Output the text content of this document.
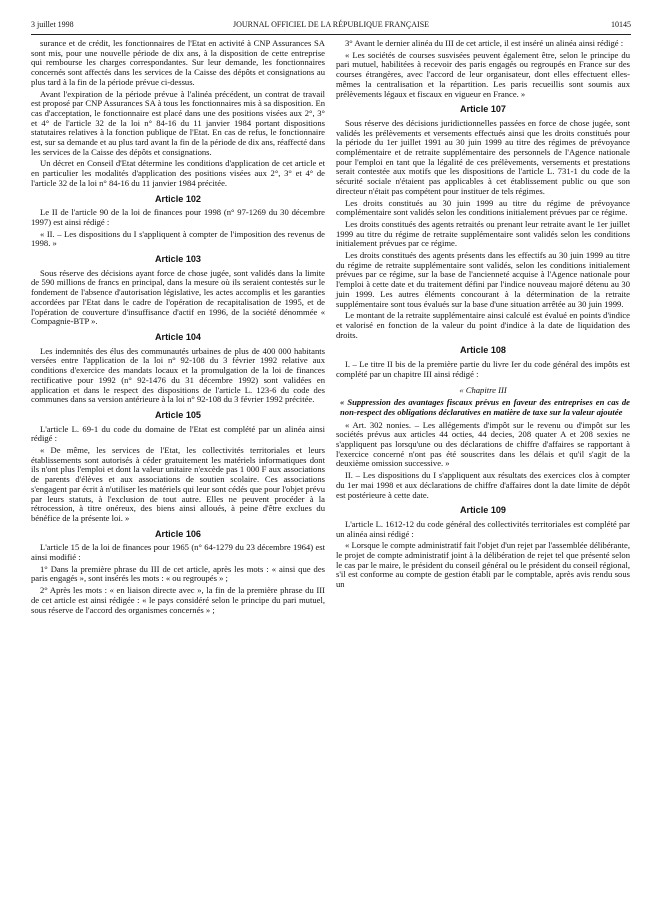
3 juillet 1998	JOURNAL OFFICIEL DE LA RÉPUBLIQUE FRANÇAISE	10145

surance et de crédit, les fonctionnaires de l'Etat en activité à CNP Assurances SA sont mis, pour une nouvelle période de dix ans, à la disposition de cette entreprise qui rembourse les charges correspondantes. Sur leur demande, les fonctionnaires concernés sont affectés dans les services de la Caisse des dépôts et consignations au plus tard à la fin de la période prévue ci-dessus.

Avant l'expiration de la période prévue à l'alinéa précédent, un contrat de travail est proposé par CNP Assurances SA à tous les fonctionnaires mis à sa disposition. En cas d'acceptation, le fonctionnaire est placé dans une des positions visées aux 2°, 3° et 4° de l'article 32 de la loi n° 84-16 du 11 janvier 1984 portant dispositions statutaires relatives à la fonction publique de l'Etat. En cas de refus, le fonctionnaire est, sur sa demande et au plus tard avant la fin de la période de dix ans, réaffecté dans les services de la Caisse des dépôts et consignations.

Un décret en Conseil d'Etat détermine les conditions d'application de cet article et en particulier les modalités d'application des positions visées aux 2°, 3° et 4° de l'article 32 de la loi n° 84-16 du 11 janvier 1984 précitée.

Article 102

Le II de l'article 90 de la loi de finances pour 1998 (n° 97-1269 du 30 décembre 1997) est ainsi rédigé :

« II. – Les dispositions du I s'appliquent à compter de l'imposition des revenus de 1998. »

Article 103

Sous réserve des décisions ayant force de chose jugée, sont validés dans la limite de 590 millions de francs en principal, dans la mesure où ils seraient contestés sur le fondement de l'absence d'autorisation législative, les actes accomplis et les garanties accordées par l'Etat dans le cadre de l'opération de recapitalisation de 1995, et de l'opération de couverture d'insuffisance d'actif en 1996, de la société dénommée « Compagnie-BTP ».

Article 104

Les indemnités des élus des communautés urbaines de plus de 400 000 habitants versées entre l'application de la loi n° 92-108 du 3 février 1992 relative aux conditions d'exercice des mandats locaux et la promulgation de la loi de finances rectificative pour 1992 (n° 92-1476 du 31 décembre 1992) sont validées en application et dans le respect des dispositions de l'article L. 123-6 du code des communes dans sa version antérieure à la loi n° 92-108 du 3 février 1992 précitée.

Article 105

L'article L. 69-1 du code du domaine de l'Etat est complété par un alinéa ainsi rédigé :

« De même, les services de l'Etat, les collectivités territoriales et leurs établissements sont autorisés à céder gratuitement les matériels informatiques dont ils n'ont plus l'emploi et dont la valeur unitaire n'excède pas 1 000 F aux associations de parents d'élèves et aux associations de soutien scolaire. Ces associations s'engagent par écrit à n'utiliser les matériels qui leur sont cédés que pour l'objet prévu par leurs statuts, à l'exclusion de tout autre. Elles ne peuvent procéder à la rétrocession, à titre onéreux, des biens ainsi alloués, à peine d'être exclues du bénéfice de la présente loi. »

Article 106

L'article 15 de la loi de finances pour 1965 (n° 64-1279 du 23 décembre 1964) est ainsi modifié :

1° Dans la première phrase du III de cet article, après les mots : « ainsi que des paris engagés », sont insérés les mots : « ou regroupés » ;

2° Après les mots : « en liaison directe avec », la fin de la première phrase du III de cet article est ainsi rédigée : « le pays considéré selon le principe du pari mutuel, sous réserve de l'accord des organismes concernés » ;

3° Avant le dernier alinéa du III de cet article, il est inséré un alinéa ainsi rédigé :

« Les sociétés de courses susvisées peuvent également être, selon le principe du pari mutuel, habilitées à recevoir des paris engagés ou regroupés en France sur des courses étrangères, avec l'accord de leur organisateur, dont elles effectuent elles-mêmes la centralisation et la répartition. Les paris recueillis sont soumis aux prélèvements légaux et fiscaux en vigueur en France. »

Article 107

Sous réserve des décisions juridictionnelles passées en force de chose jugée, sont validés les prélèvements et versements effectués ainsi que les droits constitués pour la période du 1er juillet 1991 au 30 juin 1999 au titre des régimes de prévoyance complémentaire et de retraite supplémentaire des personnels de l'Agence nationale pour l'emploi en tant que la légalité de ces prélèvements, versements et prestations serait contestée aux motifs que les dispositions de l'article L. 731-1 du code de la sécurité sociale n'étaient pas applicables à cet établissement public ou que son directeur n'était pas compétent pour instituer de tels régimes.

Les droits constitués au 30 juin 1999 au titre du régime de prévoyance complémentaire sont validés selon les conditions initialement prévues par ce régime.

Les droits constitués des agents retraités ou prenant leur retraite avant le 1er juillet 1999 au titre du régime de retraite supplémentaire sont validés selon les conditions initialement prévues par ce régime.

Les droits constitués des agents présents dans les effectifs au 30 juin 1999 au titre du régime de retraite supplémentaire sont validés, selon les conditions initialement prévues par ce régime, sur la base de l'ancienneté acquise à l'Agence nationale pour l'emploi à cette date et du traitement défini par l'indice nouveau majoré détenu au 30 juin 1999. Les autres éléments concourant à la détermination de la retraite supplémentaire sont tous évalués sur la base d'une situation arrêtée au 30 juin 1999.

Le montant de la retraite supplémentaire ainsi calculé est évalué en points d'indice et valorisé en fonction de la valeur du point d'indice à la date de liquidation des droits.

Article 108

I. – Le titre II bis de la première partie du livre Ier du code général des impôts est complété par un chapitre III ainsi rédigé :

« Chapitre III

« Suppression des avantages fiscaux prévus en faveur des entreprises en cas de non-respect des obligations déclaratives en matière de taxe sur la valeur ajoutée

« Art. 302 nonies. – Les allégements d'impôt sur le revenu ou d'impôt sur les sociétés prévus aux articles 44 octies, 44 decies, 208 quater A et 208 sexies ne s'appliquent pas lorsqu'une ou des déclarations de chiffre d'affaires se rapportant à l'exercice concerné n'ont pas été souscrites dans les délais et qu'il s'agit de la deuxième omission successive. »

II. – Les dispositions du I s'appliquent aux résultats des exercices clos à compter du 1er mai 1998 et aux déclarations de chiffre d'affaires dont la date limite de dépôt est postérieure à cette date.

Article 109

L'article L. 1612-12 du code général des collectivités territoriales est complété par un alinéa ainsi rédigé :

« Lorsque le compte administratif fait l'objet d'un rejet par l'assemblée délibérante, le projet de compte administratif joint à la délibération de rejet tel que présenté selon le cas par le maire, le président du conseil général ou le président du conseil régional, s'il est conforme au compte de gestion établi par le comptable, après avis rendu sous un
